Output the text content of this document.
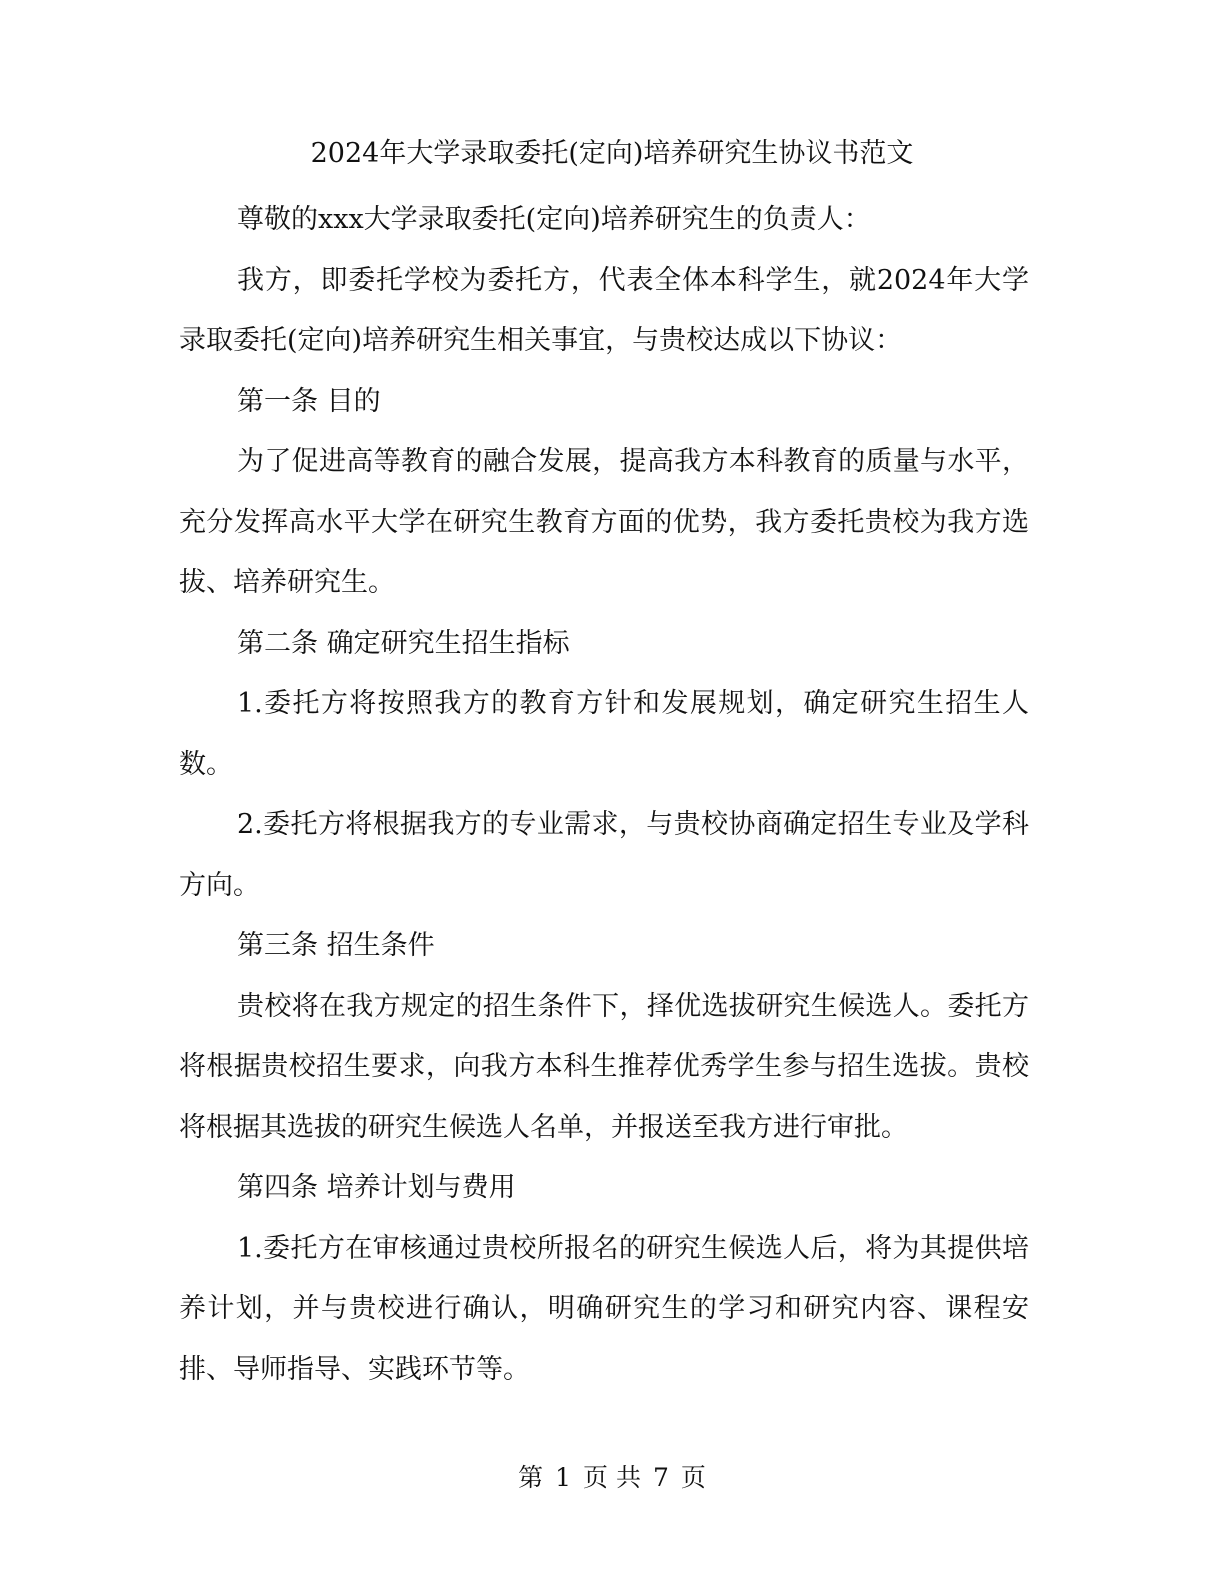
2024年大学录取委托(定向)培养研究生协议书范文

尊敬的xxx大学录取委托(定向)培养研究生的负责人：

我方，即委托学校为委托方，代表全体本科学生，就2024年大学录取委托(定向)培养研究生相关事宜，与贵校达成以下协议：

第一条 目的

为了促进高等教育的融合发展，提高我方本科教育的质量与水平，充分发挥高水平大学在研究生教育方面的优势，我方委托贵校为我方选拔、培养研究生。

第二条 确定研究生招生指标

1.委托方将按照我方的教育方针和发展规划，确定研究生招生人数。

2.委托方将根据我方的专业需求，与贵校协商确定招生专业及学科方向。

第三条 招生条件

贵校将在我方规定的招生条件下，择优选拔研究生候选人。委托方将根据贵校招生要求，向我方本科生推荐优秀学生参与招生选拔。贵校将根据其选拔的研究生候选人名单，并报送至我方进行审批。

第四条 培养计划与费用

1.委托方在审核通过贵校所报名的研究生候选人后，将为其提供培养计划，并与贵校进行确认，明确研究生的学习和研究内容、课程安排、导师指导、实践环节等。

第 1 页 共 7 页
